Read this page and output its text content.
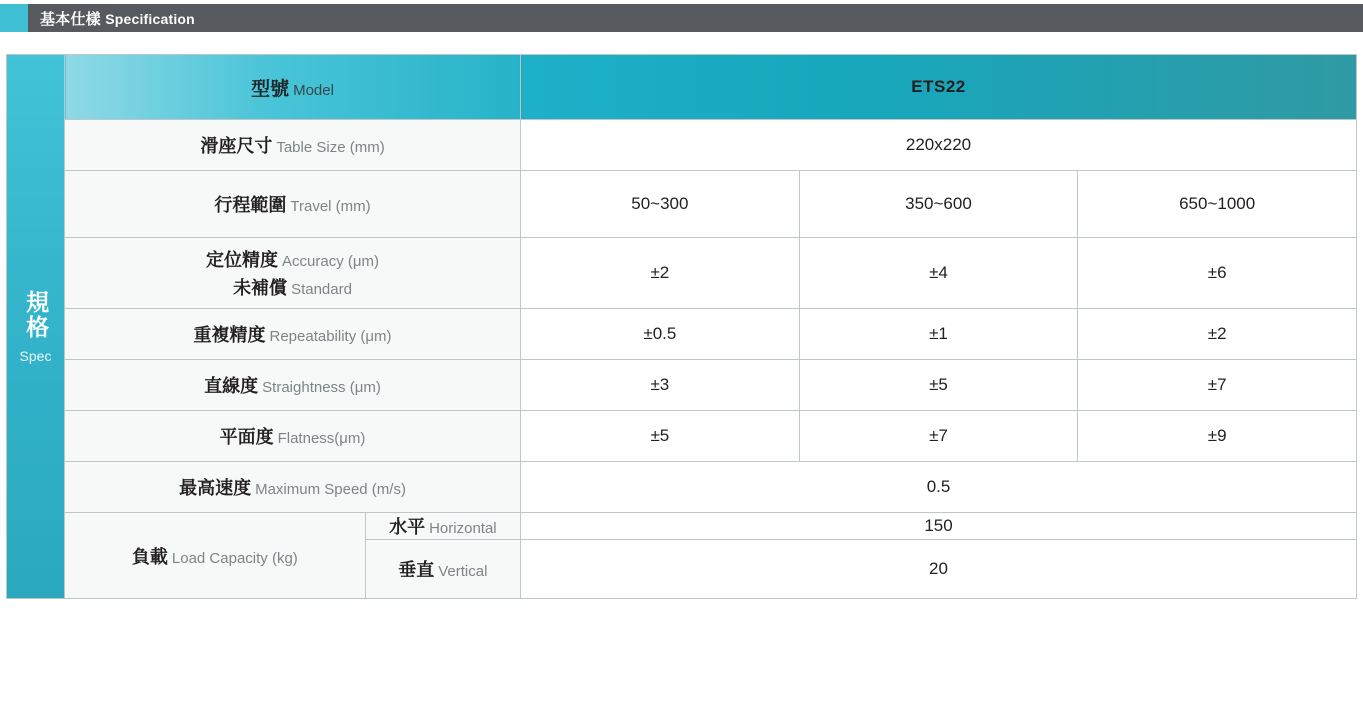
基本仕樣 Specification
規格
Spec
型號 Model		ETS22		
滑座尺寸 Table Size (mm)		220x220		
行程範圍 Travel (mm)		50~300	350~600	650~1000
定位精度 Accuracy (μm)
未補償 Standard		±2	±4	±6
重複精度 Repeatability (μm)		±0.5	±1	±2
直線度 Straightness (μm)		±3	±5	±7
平面度 Flatness(μm)		±5	±7	±9
最高速度 Maximum Speed (m/s)		0.5		
負載 Load Capacity (kg)	水平 Horizontal	150		
	垂直 Vertical	20		
